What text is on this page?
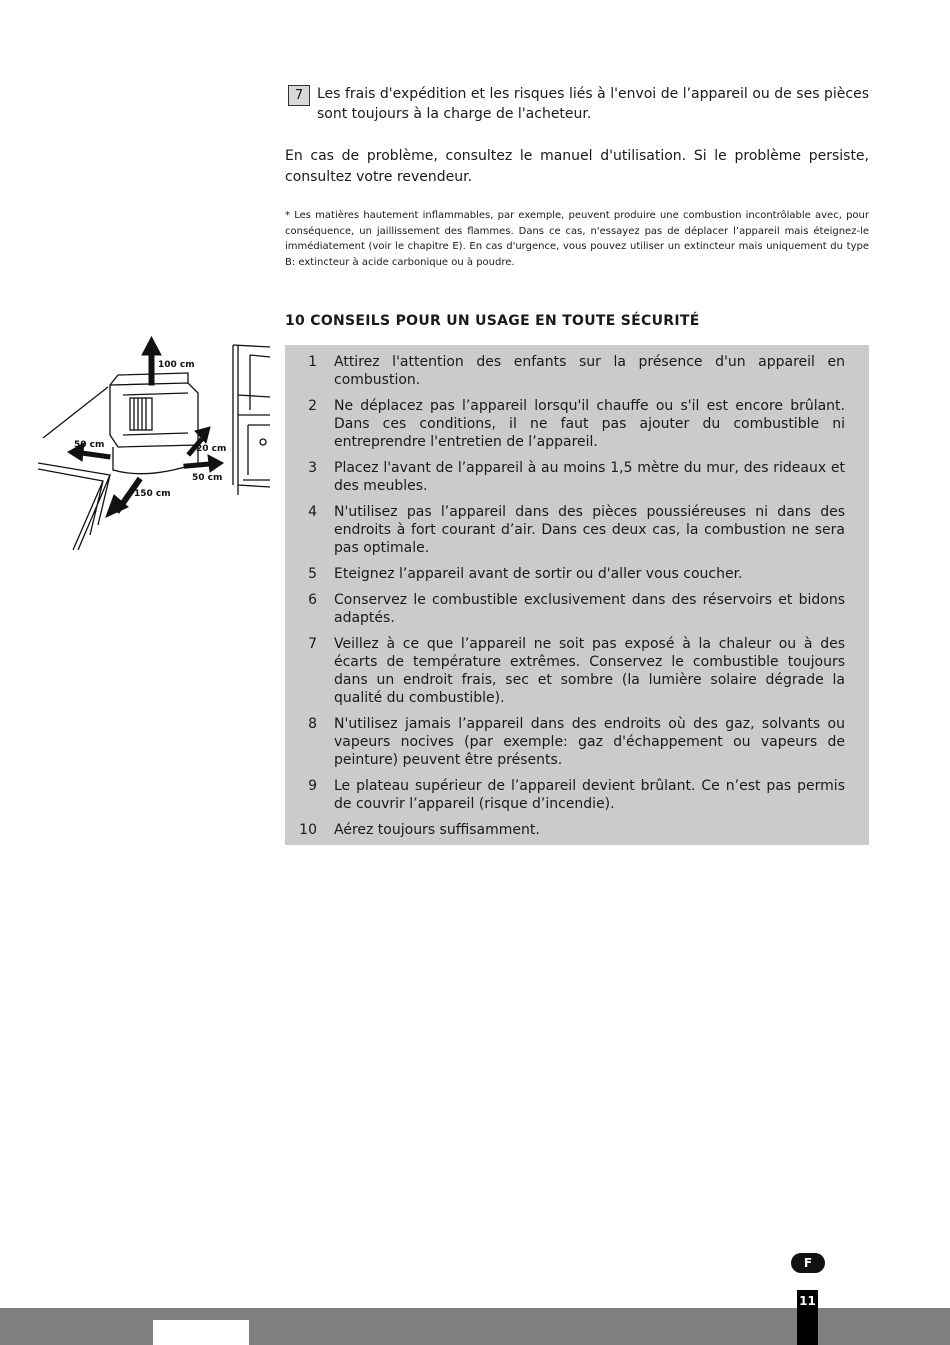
7 Les frais d'expédition et les risques liés à l'envoi de l’appareil ou de ses pièces sont toujours à la charge de l'acheteur.
En cas de problème, consultez le manuel d'utilisation. Si le problème persiste, consultez votre revendeur.
* Les matières hautement inflammables, par exemple, peuvent produire une combustion incontrôlable avec, pour conséquence, un jaillissement des flammes. Dans ce cas, n'essayez pas de déplacer l’appareil mais éteignez-le immédiatement (voir le chapitre E). En cas d'urgence, vous pouvez utiliser un extincteur mais uniquement du type B: extincteur à acide carbonique ou à poudre.
10 CONSEILS POUR UN USAGE EN TOUTE SÉCURITÉ
100 cm
50 cm	20 cm
50 cm
150 cm
1 Attirez l'attention des enfants sur la présence d'un appareil en combustion.
2 Ne déplacez pas l’appareil lorsqu'il chauffe ou s'il est encore brûlant. Dans ces conditions, il ne faut pas ajouter du combustible ni entreprendre l'entretien de l’appareil.
3 Placez l'avant de l’appareil à au moins 1,5 mètre du mur, des rideaux et des meubles.
4 N'utilisez pas l’appareil dans des pièces poussiéreuses ni dans des endroits à fort courant d’air. Dans ces deux cas, la combustion ne sera pas optimale.
5 Eteignez l’appareil avant de sortir ou d'aller vous coucher.
6 Conservez le combustible exclusivement dans des réservoirs et bidons adaptés.
7 Veillez à ce que l’appareil ne soit pas exposé à la chaleur ou à des écarts de température extrêmes. Conservez le combustible toujours dans un endroit frais, sec et sombre (la lumière solaire dégrade la qualité du combustible).
8 N'utilisez jamais l’appareil dans des endroits où des gaz, solvants ou vapeurs nocives (par exemple: gaz d'échappement ou vapeurs de peinture) peuvent être présents.
9 Le plateau supérieur de l’appareil devient brûlant. Ce n’est pas permis de couvrir l’appareil (risque d’incendie).
10 Aérez toujours suffisamment.
F
11
